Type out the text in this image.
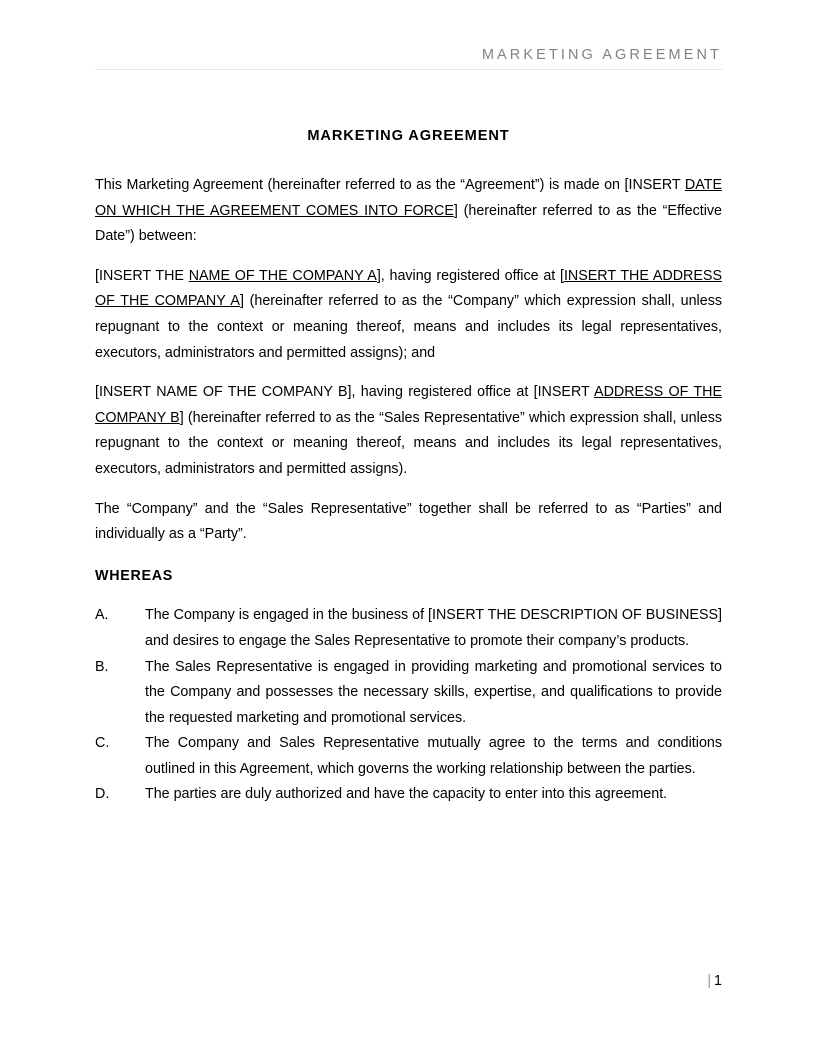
MARKETING AGREEMENT
MARKETING AGREEMENT

This Marketing Agreement (hereinafter referred to as the “Agreement”) is made on [INSERT DATE ON WHICH THE AGREEMENT COMES INTO FORCE] (hereinafter referred to as the “Effective Date”) between:

[INSERT THE NAME OF THE COMPANY A], having registered office at [INSERT THE ADDRESS OF THE COMPANY A] (hereinafter referred to as the “Company” which expression shall, unless repugnant to the context or meaning thereof, means and includes its legal representatives, executors, administrators and permitted assigns); and

[INSERT NAME OF THE COMPANY B], having registered office at [INSERT ADDRESS OF THE COMPANY B] (hereinafter referred to as the “Sales Representative” which expression shall, unless repugnant to the context or meaning thereof, means and includes its legal representatives, executors, administrators and permitted assigns).

The “Company” and the “Sales Representative” together shall be referred to as “Parties” and individually as a “Party”.

WHEREAS
A.	The Company is engaged in the business of [INSERT THE DESCRIPTION OF BUSINESS] and desires to engage the Sales Representative to promote their company’s products.
B.	The Sales Representative is engaged in providing marketing and promotional services to the Company and possesses the necessary skills, expertise, and qualifications to provide the requested marketing and promotional services.
C.	The Company and Sales Representative mutually agree to the terms and conditions outlined in this Agreement, which governs the working relationship between the parties.
D.	The parties are duly authorized and have the capacity to enter into this agreement.
| 1
